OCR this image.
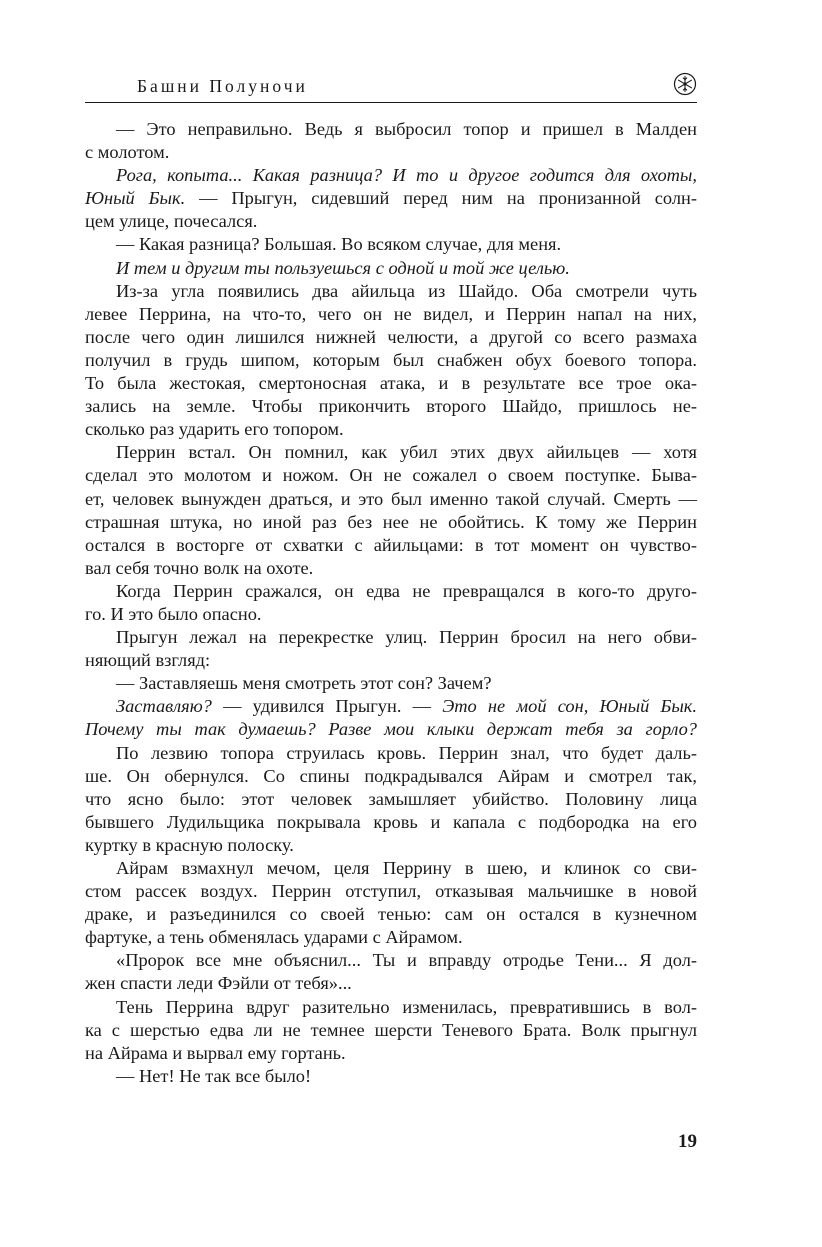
Башни Полуночи
— Это неправильно. Ведь я выбросил топор и пришел в Малден
с молотом.
Рога, копыта... Какая разница? И то и другое годится для охоты,
Юный Бык. — Прыгун, сидевший перед ним на пронизанной солн-
цем улице, почесался.
— Какая разница? Большая. Во всяком случае, для меня.
И тем и другим ты пользуешься с одной и той же целью.
Из-за угла появились два айильца из Шайдо. Оба смотрели чуть
левее Перрина, на что-то, чего он не видел, и Перрин напал на них,
после чего один лишился нижней челюсти, а другой со всего размаха
получил в грудь шипом, которым был снабжен обух боевого топора.
То была жестокая, смертоносная атака, и в результате все трое ока-
зались на земле. Чтобы прикончить второго Шайдо, пришлось не-
сколько раз ударить его топором.
Перрин встал. Он помнил, как убил этих двух айильцев — хотя
сделал это молотом и ножом. Он не сожалел о своем поступке. Быва-
ет, человек вынужден драться, и это был именно такой случай. Смерть —
страшная штука, но иной раз без нее не обойтись. К тому же Перрин
остался в восторге от схватки с айильцами: в тот момент он чувство-
вал себя точно волк на охоте.
Когда Перрин сражался, он едва не превращался в кого-то друго-
го. И это было опасно.
Прыгун лежал на перекрестке улиц. Перрин бросил на него обви-
няющий взгляд:
— Заставляешь меня смотреть этот сон? Зачем?
Заставляю? — удивился Прыгун. — Это не мой сон, Юный Бык.
Почему ты так думаешь? Разве мои клыки держат тебя за горло?
По лезвию топора струилась кровь. Перрин знал, что будет даль-
ше. Он обернулся. Со спины подкрадывался Айрам и смотрел так,
что ясно было: этот человек замышляет убийство. Половину лица
бывшего Лудильщика покрывала кровь и капала с подбородка на его
куртку в красную полоску.
Айрам взмахнул мечом, целя Перрину в шею, и клинок со сви-
стом рассек воздух. Перрин отступил, отказывая мальчишке в новой
драке, и разъединился со своей тенью: сам он остался в кузнечном
фартуке, а тень обменялась ударами с Айрамом.
«Пророк все мне объяснил... Ты и вправду отродье Тени... Я дол-
жен спасти леди Фэйли от тебя»...
Тень Перрина вдруг разительно изменилась, превратившись в вол-
ка с шерстью едва ли не темнее шерсти Теневого Брата. Волк прыгнул
на Айрама и вырвал ему гортань.
— Нет! Не так все было!
19
